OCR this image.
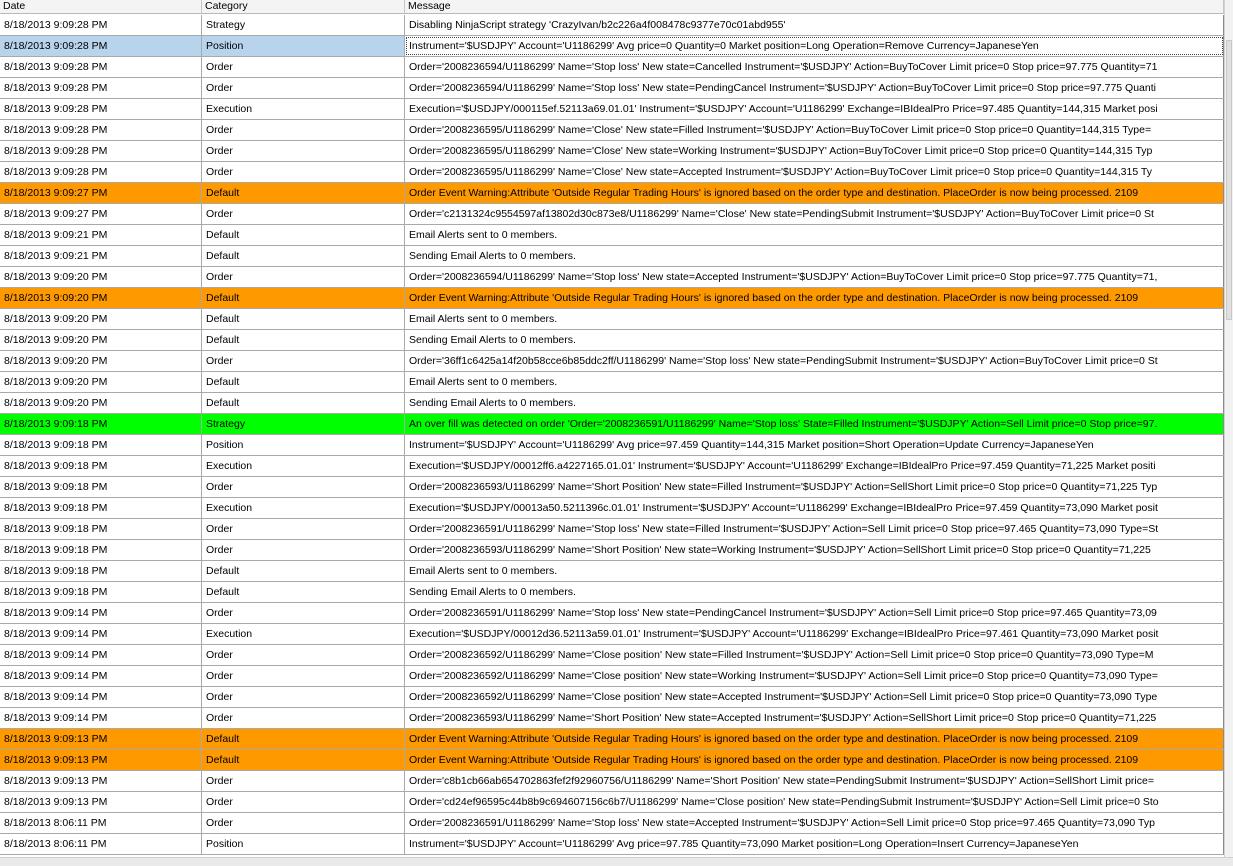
Date	Category	Message
8/18/2013 9:09:28 PM	Strategy	Disabling NinjaScript strategy 'CrazyIvan/b2c226a4f008478c9377e70c01abd955'
8/18/2013 9:09:28 PM	Position	Instrument='$USDJPY' Account='U1186299' Avg price=0 Quantity=0 Market position=Long Operation=Remove Currency=JapaneseYen
8/18/2013 9:09:28 PM	Order	Order='2008236594/U1186299' Name='Stop loss' New state=Cancelled Instrument='$USDJPY' Action=BuyToCover Limit price=0 Stop price=97.775 Quantity=71
8/18/2013 9:09:28 PM	Order	Order='2008236594/U1186299' Name='Stop loss' New state=PendingCancel Instrument='$USDJPY' Action=BuyToCover Limit price=0 Stop price=97.775 Quanti
8/18/2013 9:09:28 PM	Execution	Execution='$USDJPY/000115ef.52113a69.01.01' Instrument='$USDJPY' Account='U1186299' Exchange=IBIdealPro Price=97.485 Quantity=144,315 Market posi
8/18/2013 9:09:28 PM	Order	Order='2008236595/U1186299' Name='Close' New state=Filled Instrument='$USDJPY' Action=BuyToCover Limit price=0 Stop price=0 Quantity=144,315 Type=
8/18/2013 9:09:28 PM	Order	Order='2008236595/U1186299' Name='Close' New state=Working Instrument='$USDJPY' Action=BuyToCover Limit price=0 Stop price=0 Quantity=144,315 Typ
8/18/2013 9:09:28 PM	Order	Order='2008236595/U1186299' Name='Close' New state=Accepted Instrument='$USDJPY' Action=BuyToCover Limit price=0 Stop price=0 Quantity=144,315 Ty
8/18/2013 9:09:27 PM	Default	Order Event Warning:Attribute 'Outside Regular Trading Hours' is ignored based on the order type and destination. PlaceOrder is now being processed. 2109
8/18/2013 9:09:27 PM	Order	Order='c2131324c9554597af13802d30c873e8/U1186299' Name='Close' New state=PendingSubmit Instrument='$USDJPY' Action=BuyToCover Limit price=0 St
8/18/2013 9:09:21 PM	Default	Email Alerts sent to 0 members.
8/18/2013 9:09:21 PM	Default	Sending Email Alerts to 0 members.
8/18/2013 9:09:20 PM	Order	Order='2008236594/U1186299' Name='Stop loss' New state=Accepted Instrument='$USDJPY' Action=BuyToCover Limit price=0 Stop price=97.775 Quantity=71,
8/18/2013 9:09:20 PM	Default	Order Event Warning:Attribute 'Outside Regular Trading Hours' is ignored based on the order type and destination. PlaceOrder is now being processed. 2109
8/18/2013 9:09:20 PM	Default	Email Alerts sent to 0 members.
8/18/2013 9:09:20 PM	Default	Sending Email Alerts to 0 members.
8/18/2013 9:09:20 PM	Order	Order='36ff1c6425a14f20b58cce6b85ddc2ff/U1186299' Name='Stop loss' New state=PendingSubmit Instrument='$USDJPY' Action=BuyToCover Limit price=0 St
8/18/2013 9:09:20 PM	Default	Email Alerts sent to 0 members.
8/18/2013 9:09:20 PM	Default	Sending Email Alerts to 0 members.
8/18/2013 9:09:18 PM	Strategy	An over fill was detected on order 'Order='2008236591/U1186299' Name='Stop loss' State=Filled Instrument='$USDJPY' Action=Sell Limit price=0 Stop price=97.
8/18/2013 9:09:18 PM	Position	Instrument='$USDJPY' Account='U1186299' Avg price=97.459 Quantity=144,315 Market position=Short Operation=Update Currency=JapaneseYen
8/18/2013 9:09:18 PM	Execution	Execution='$USDJPY/00012ff6.a4227165.01.01' Instrument='$USDJPY' Account='U1186299' Exchange=IBIdealPro Price=97.459 Quantity=71,225 Market positi
8/18/2013 9:09:18 PM	Order	Order='2008236593/U1186299' Name='Short Position' New state=Filled Instrument='$USDJPY' Action=SellShort Limit price=0 Stop price=0 Quantity=71,225 Typ
8/18/2013 9:09:18 PM	Execution	Execution='$USDJPY/00013a50.5211396c.01.01' Instrument='$USDJPY' Account='U1186299' Exchange=IBIdealPro Price=97.459 Quantity=73,090 Market posit
8/18/2013 9:09:18 PM	Order	Order='2008236591/U1186299' Name='Stop loss' New state=Filled Instrument='$USDJPY' Action=Sell Limit price=0 Stop price=97.465 Quantity=73,090 Type=St
8/18/2013 9:09:18 PM	Order	Order='2008236593/U1186299' Name='Short Position' New state=Working Instrument='$USDJPY' Action=SellShort Limit price=0 Stop price=0 Quantity=71,225
8/18/2013 9:09:18 PM	Default	Email Alerts sent to 0 members.
8/18/2013 9:09:18 PM	Default	Sending Email Alerts to 0 members.
8/18/2013 9:09:14 PM	Order	Order='2008236591/U1186299' Name='Stop loss' New state=PendingCancel Instrument='$USDJPY' Action=Sell Limit price=0 Stop price=97.465 Quantity=73,09
8/18/2013 9:09:14 PM	Execution	Execution='$USDJPY/00012d36.52113a59.01.01' Instrument='$USDJPY' Account='U1186299' Exchange=IBIdealPro Price=97.461 Quantity=73,090 Market posit
8/18/2013 9:09:14 PM	Order	Order='2008236592/U1186299' Name='Close position' New state=Filled Instrument='$USDJPY' Action=Sell Limit price=0 Stop price=0 Quantity=73,090 Type=M
8/18/2013 9:09:14 PM	Order	Order='2008236592/U1186299' Name='Close position' New state=Working Instrument='$USDJPY' Action=Sell Limit price=0 Stop price=0 Quantity=73,090 Type=
8/18/2013 9:09:14 PM	Order	Order='2008236592/U1186299' Name='Close position' New state=Accepted Instrument='$USDJPY' Action=Sell Limit price=0 Stop price=0 Quantity=73,090 Type
8/18/2013 9:09:14 PM	Order	Order='2008236593/U1186299' Name='Short Position' New state=Accepted Instrument='$USDJPY' Action=SellShort Limit price=0 Stop price=0 Quantity=71,225
8/18/2013 9:09:13 PM	Default	Order Event Warning:Attribute 'Outside Regular Trading Hours' is ignored based on the order type and destination. PlaceOrder is now being processed. 2109
8/18/2013 9:09:13 PM	Default	Order Event Warning:Attribute 'Outside Regular Trading Hours' is ignored based on the order type and destination. PlaceOrder is now being processed. 2109
8/18/2013 9:09:13 PM	Order	Order='c8b1cb66ab654702863fef2f92960756/U1186299' Name='Short Position' New state=PendingSubmit Instrument='$USDJPY' Action=SellShort Limit price=
8/18/2013 9:09:13 PM	Order	Order='cd24ef96595c44b8b9c694607156c6b7/U1186299' Name='Close position' New state=PendingSubmit Instrument='$USDJPY' Action=Sell Limit price=0 Sto
8/18/2013 8:06:11 PM	Order	Order='2008236591/U1186299' Name='Stop loss' New state=Accepted Instrument='$USDJPY' Action=Sell Limit price=0 Stop price=97.465 Quantity=73,090 Typ
8/18/2013 8:06:11 PM	Position	Instrument='$USDJPY' Account='U1186299' Avg price=97.785 Quantity=73,090 Market position=Long Operation=Insert Currency=JapaneseYen
